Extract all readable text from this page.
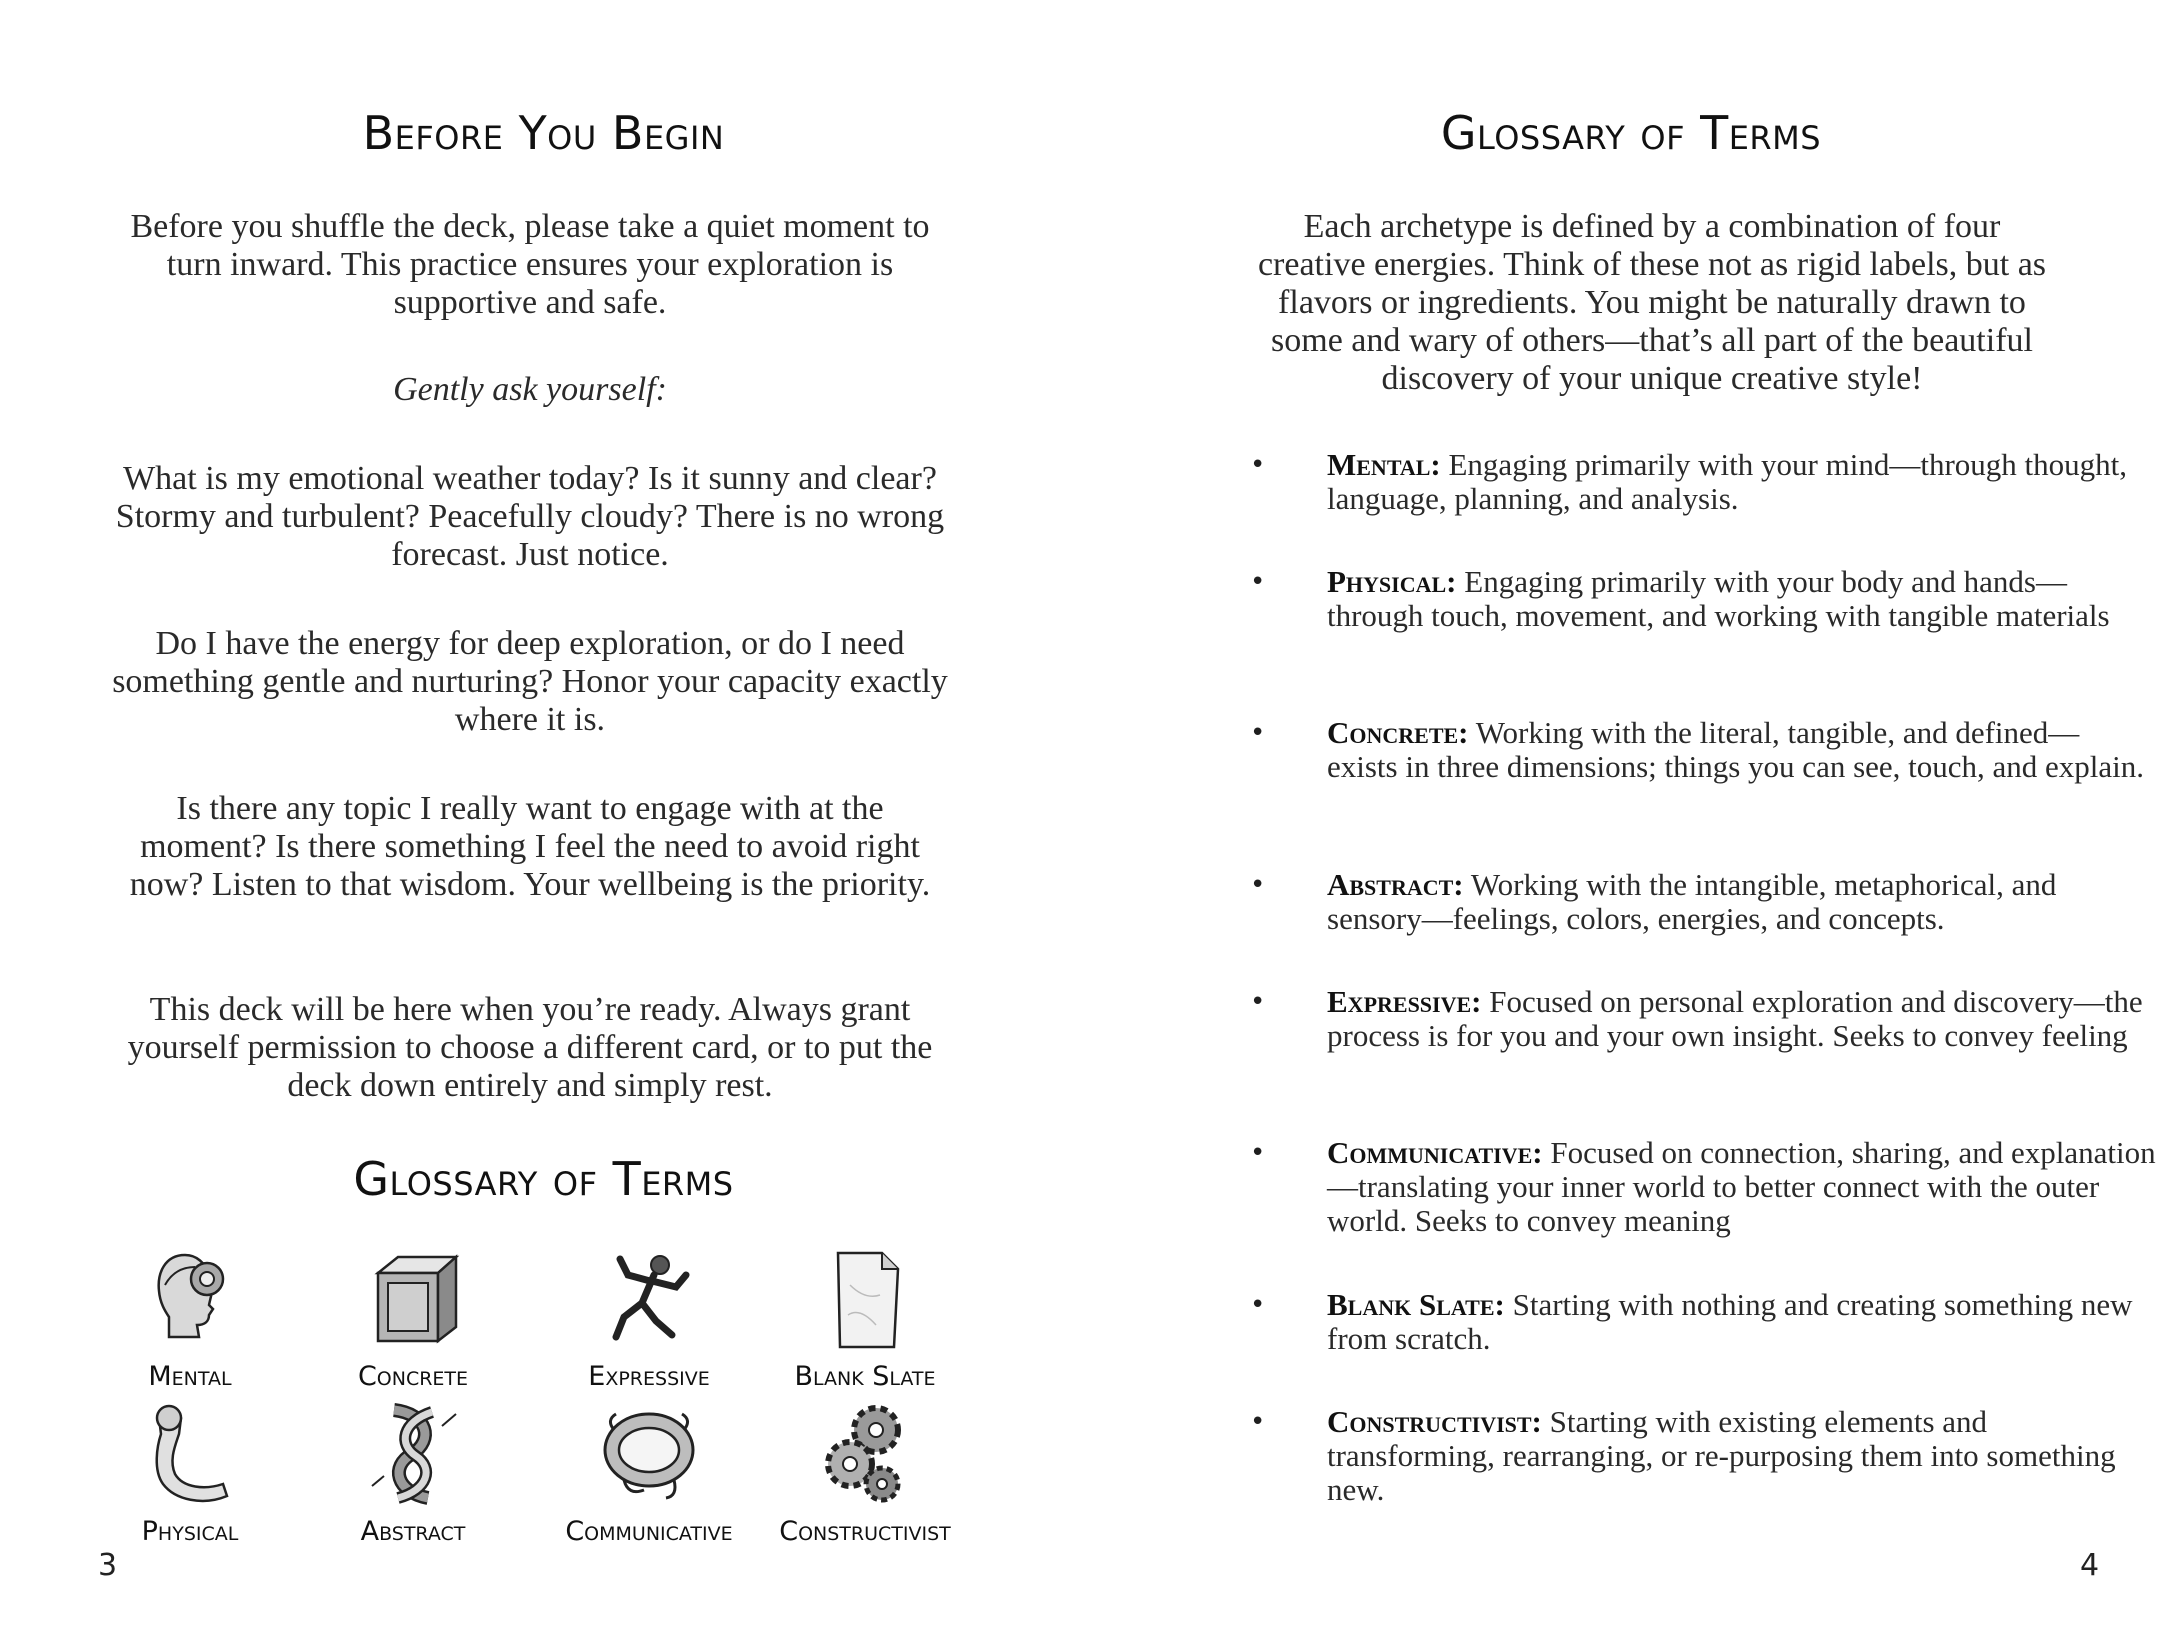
Before You Begin

Before you shuffle the deck, please take a quiet moment to turn inward. This practice ensures your exploration is supportive and safe.

Gently ask yourself:

What is my emotional weather today? Is it sunny and clear? Stormy and turbulent? Peacefully cloudy? There is no wrong forecast. Just notice.

Do I have the energy for deep exploration, or do I need something gentle and nurturing? Honor your capacity exactly where it is.

Is there any topic I really want to engage with at the moment? Is there something I feel the need to avoid right now? Listen to that wisdom. Your wellbeing is the priority.

This deck will be here when you’re ready. Always grant yourself permission to choose a different card, or to put the deck down entirely and simply rest.

Glossary of Terms
Mental	Concrete	Expressive	Blank Slate
Physical	Abstract	Communicative	Constructivist
3
Glossary of Terms

Each archetype is defined by a combination of four creative energies. Think of these not as rigid labels, but as flavors or ingredients. You might be naturally drawn to some and wary of others—that’s all part of the beautiful discovery of your unique creative style!

• Mental: Engaging primarily with your mind—through thought, language, planning, and analysis.
• Physical: Engaging primarily with your body and hands—through touch, movement, and working with tangible materials
• Concrete: Working with the literal, tangible, and defined— exists in three dimensions; things you can see, touch, and explain.
• Abstract: Working with the intangible, metaphorical, and sensory—feelings, colors, energies, and concepts.
• Expressive: Focused on personal exploration and discovery—the process is for you and your own insight. Seeks to convey feeling
• Communicative: Focused on connection, sharing, and explanation—translating your inner world to better connect with the outer world. Seeks to convey meaning
• Blank Slate: Starting with nothing and creating something new from scratch.
• Constructivist: Starting with existing elements and transforming, rearranging, or re-purposing them into something new.
4
